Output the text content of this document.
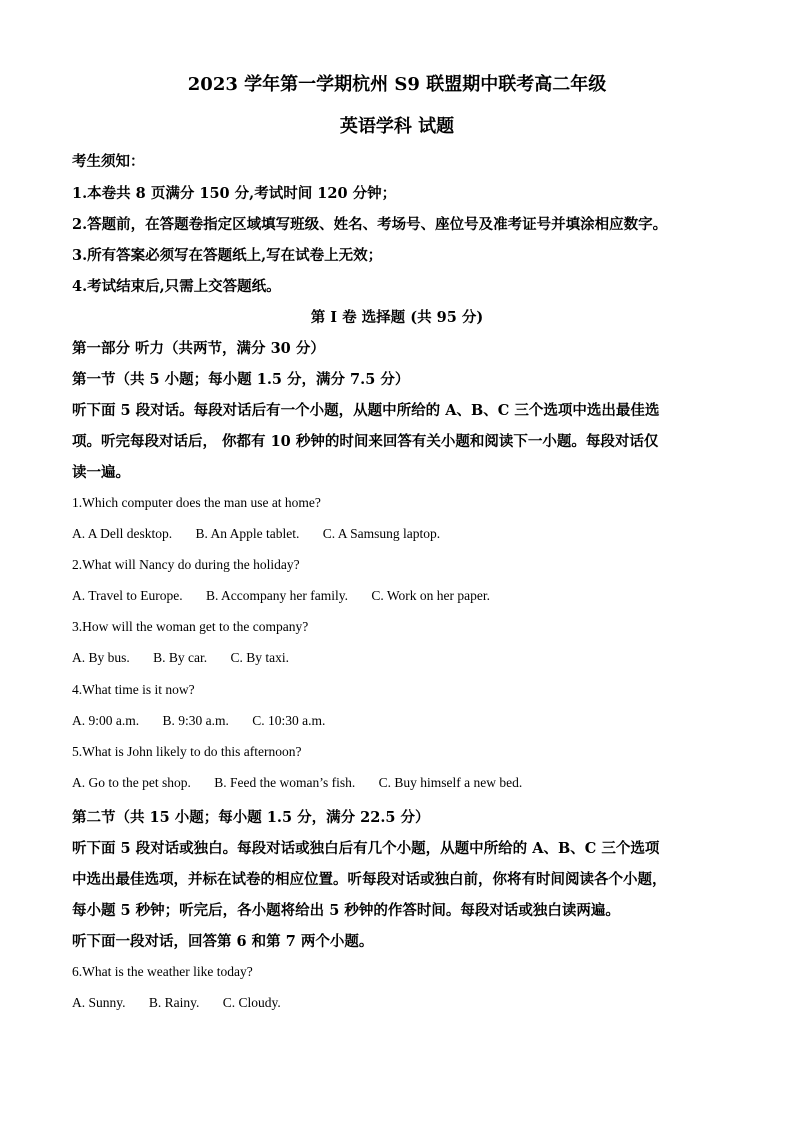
2023 学年第一学期杭州 S9 联盟期中联考高二年级
英语学科 试题
考生须知：
1.本卷共 8 页满分 150 分,考试时间 120 分钟；
2.答题前，在答题卷指定区域填写班级、姓名、考场号、座位号及准考证号并填涂相应数字。
3.所有答案必须写在答题纸上,写在试卷上无效；
4.考试结束后,只需上交答题纸。
第 I 卷 选择题 (共 95 分)
第一部分 听力（共两节，满分 30 分）
第一节（共 5 小题；每小题 1.5 分，满分 7.5 分）
听下面 5 段对话。每段对话后有一个小题，从题中所给的 A、B、C 三个选项中选出最佳选
项。听完每段对话后， 你都有 10 秒钟的时间来回答有关小题和阅读下一小题。每段对话仅
读一遍。
1.Which computer does the man use at home?
A. A Dell desktop. B. An Apple tablet. C. A Samsung laptop.
2.What will Nancy do during the holiday?
A. Travel to Europe. B. Accompany her family. C. Work on her paper.
3.How will the woman get to the company?
A. By bus. B. By car. C. By taxi.
4.What time is it now?
A. 9:00 a.m. B. 9:30 a.m. C. 10:30 a.m.
5.What is John likely to do this afternoon?
A. Go to the pet shop. B. Feed the woman’s fish. C. Buy himself a new bed.
第二节（共 15 小题；每小题 1.5 分，满分 22.5 分）
听下面 5 段对话或独白。每段对话或独白后有几个小题，从题中所给的 A、B、C 三个选项
中选出最佳选项，并标在试卷的相应位置。听每段对话或独白前，你将有时间阅读各个小题，
每小题 5 秒钟；听完后，各小题将给出 5 秒钟的作答时间。每段对话或独白读两遍。
听下面一段对话，回答第 6 和第 7 两个小题。
6.What is the weather like today?
A. Sunny. B. Rainy. C. Cloudy.
